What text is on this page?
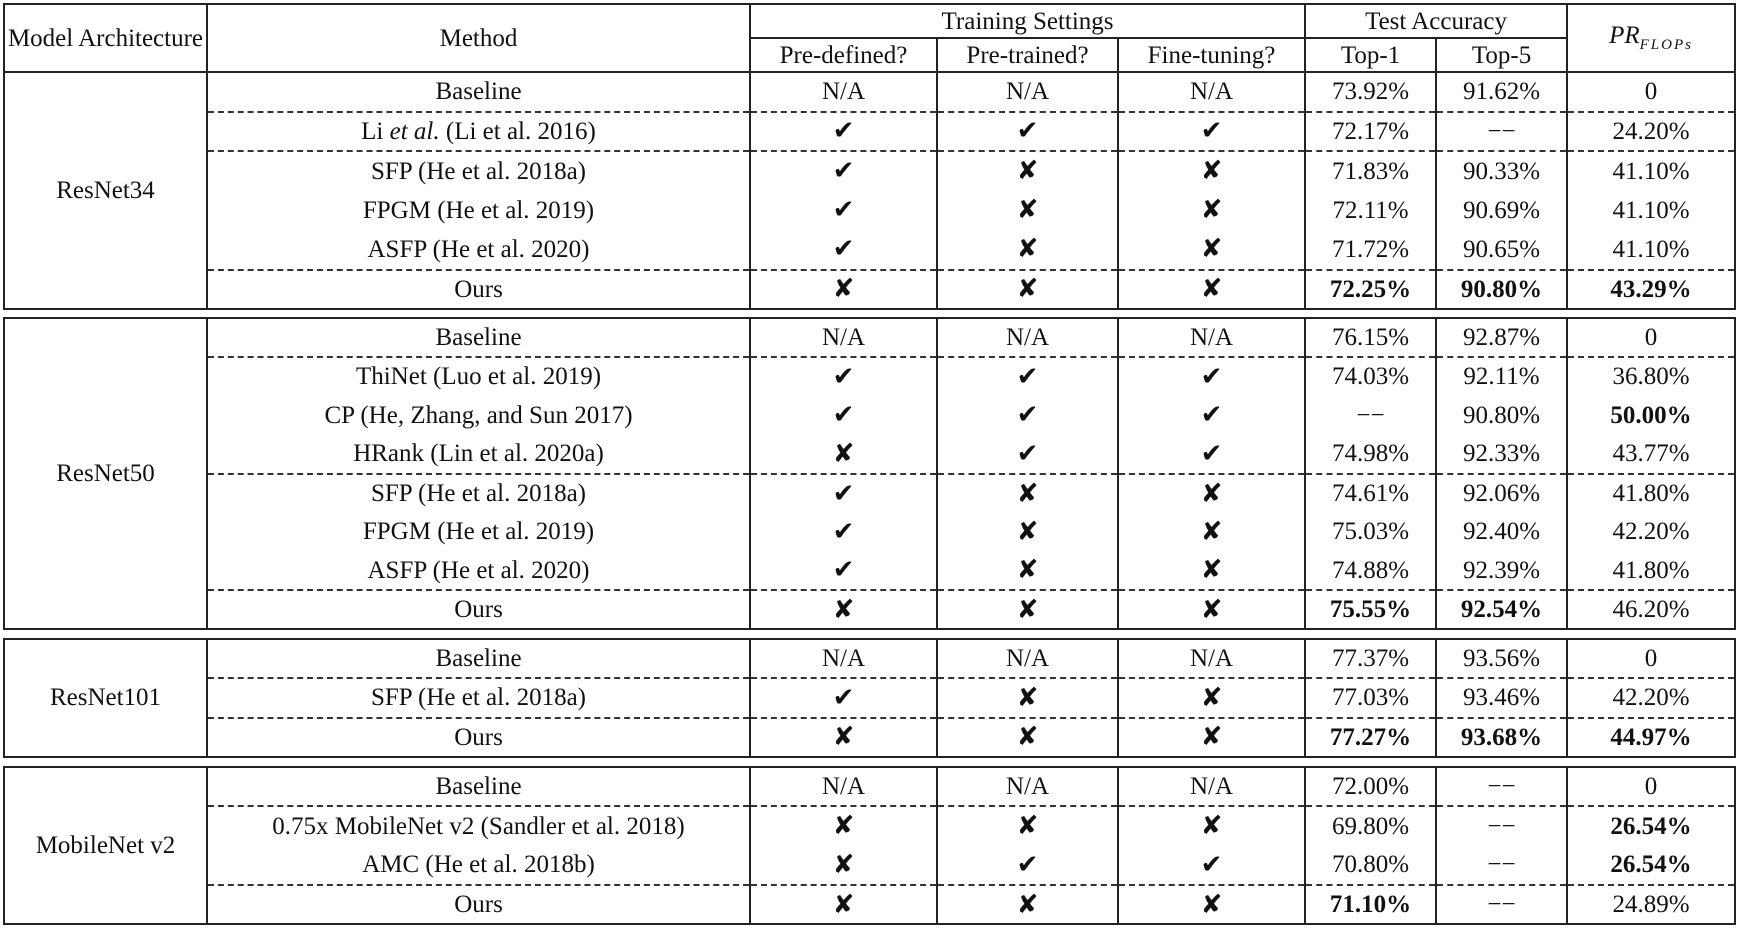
Model Architecture	Method	Training Settings			Test Accuracy		$PR_{FLOPs}$
		Pre-defined?	Pre-trained?	Fine-tuning?	Top-1	Top-5	
ResNet34	Baseline	N/A	N/A	N/A	73.92%	91.62%	0
	Li et al. (Li et al. 2016)	✔	✔	✔	72.17%	−−	24.20%
	SFP (He et al. 2018a)	✔	✘	✘	71.83%	90.33%	41.10%
	FPGM (He et al. 2019)	✔	✘	✘	72.11%	90.69%	41.10%
	ASFP (He et al. 2020)	✔	✘	✘	71.72%	90.65%	41.10%
	Ours	✘	✘	✘	72.25%	90.80%	43.29%
ResNet50	Baseline	N/A	N/A	N/A	76.15%	92.87%	0
	ThiNet (Luo et al. 2019)	✔	✔	✔	74.03%	92.11%	36.80%
	CP (He, Zhang, and Sun 2017)	✔	✔	✔	−−	90.80%	50.00%
	HRank (Lin et al. 2020a)	✘	✔	✔	74.98%	92.33%	43.77%
	SFP (He et al. 2018a)	✔	✘	✘	74.61%	92.06%	41.80%
	FPGM (He et al. 2019)	✔	✘	✘	75.03%	92.40%	42.20%
	ASFP (He et al. 2020)	✔	✘	✘	74.88%	92.39%	41.80%
	Ours	✘	✘	✘	75.55%	92.54%	46.20%
ResNet101	Baseline	N/A	N/A	N/A	77.37%	93.56%	0
	SFP (He et al. 2018a)	✔	✘	✘	77.03%	93.46%	42.20%
	Ours	✘	✘	✘	77.27%	93.68%	44.97%
MobileNet v2	Baseline	N/A	N/A	N/A	72.00%	−−	0
	0.75x MobileNet v2 (Sandler et al. 2018)	✘	✘	✘	69.80%	−−	26.54%
	AMC (He et al. 2018b)	✘	✔	✔	70.80%	−−	26.54%
	Ours	✘	✘	✘	71.10%	−−	24.89%
